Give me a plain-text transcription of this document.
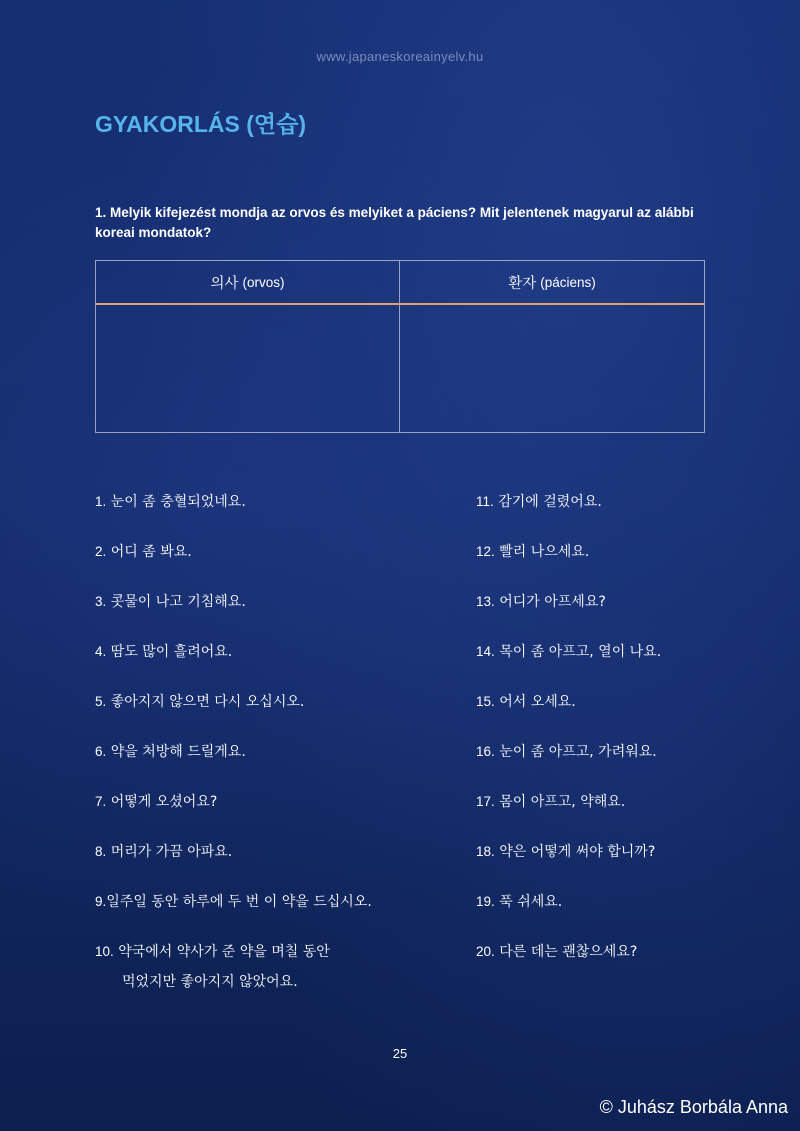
www.japaneskoreainyelv.hu
GYAKORLÁS (연습)
1. Melyik kifejezést mondja az orvos és melyiket a páciens? Mit jelentenek magyarul az alábbi koreai mondatok?
의사 (orvos)	환자 (páciens)
1. 눈이 좀 충혈되었네요.
2. 어디 좀 봐요.
3. 콧물이 나고 기침해요.
4. 땀도 많이 흘려어요.
5. 좋아지지 않으면 다시 오십시오.
6. 약을 처방해 드릴게요.
7. 어떻게 오셨어요?
8. 머리가 가끔 아파요.
9.일주일 동안 하루에 두 번 이 약을 드십시오.
10. 약국에서 약사가 준 약을 며칠 동안
먹었지만 좋아지지 않았어요.
11. 감기에 걸렸어요.
12. 빨리 나으세요.
13. 어디가 아프세요?
14. 목이 좀 아프고, 열이 나요.
15. 어서 오세요.
16. 눈이 좀 아프고, 가려워요.
17. 몸이 아프고, 약해요.
18. 약은 어떻게 써야 합니까?
19. 푹 쉬세요.
20. 다른 데는 괜찮으세요?
25
© Juhász Borbála Anna
